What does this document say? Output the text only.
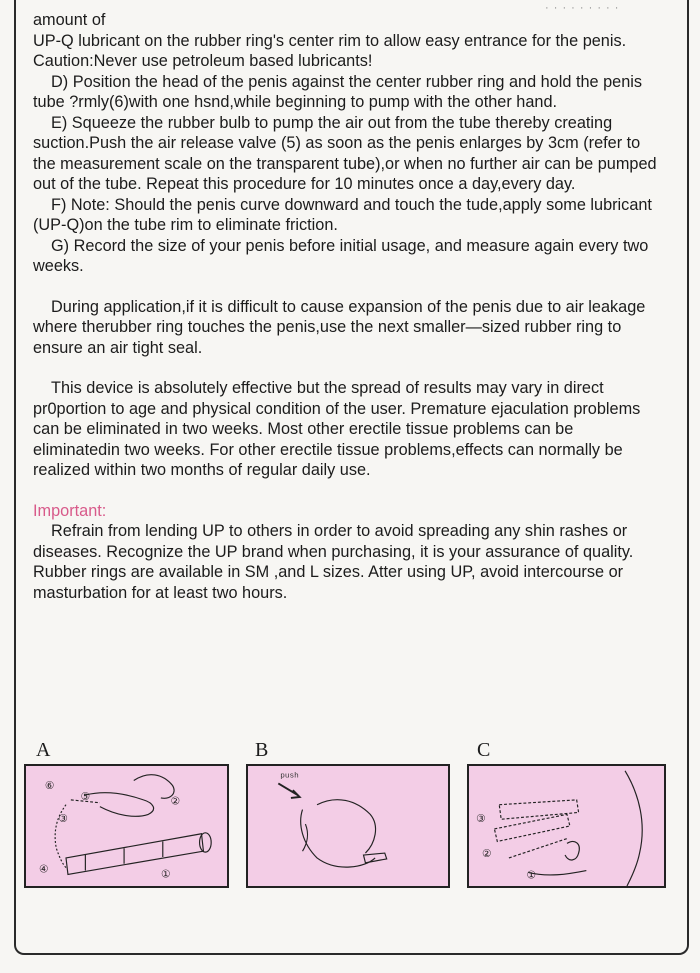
· · · · · · · · ·

amount of

UP-Q lubricant on the rubber ring's center rim to allow easy entrance for the penis.

Caution:Never use petroleum based lubricants!

D) Position the head of the penis against the center rubber ring and hold the penis tube ?rmly(6)with one hsnd,while beginning to pump with the other hand.

E) Squeeze the rubber bulb to pump the air out from the tube thereby creating suction.Push the air release valve (5) as soon as the penis enlarges by 3cm (refer to the measurement scale on the transparent tube),or when no further air can be pumped out of the tube. Repeat this procedure for 10 minutes once a day,every day.

F) Note: Should the penis curve downward and touch the tude,apply some lubricant

(UP-Q)on the tube rim to eliminate friction.

G) Record the size of your penis before initial usage, and measure again every two

weeks.

During application,if it is difficult to cause expansion of the penis due to air leakage where therubber ring touches the penis,use the next smaller—sized rubber ring to ensure an air tight seal.

This device is absolutely effective but the spread of results may vary in direct pr0portion to age and physical condition of the user. Premature ejaculation problems can be eliminated in two weeks. Most other erectile tissue problems can be eliminatedin two weeks. For other erectile tissue problems,effects can normally be realized within two months of regular daily use.

Important:

Refrain from lending UP to others in order to avoid spreading any shin rashes or diseases. Recognize the UP brand when purchasing, it is your assurance of quality. Rubber rings are available in SM ,and L sizes. Atter using UP, avoid intercourse or masturbation for at least two hours.

A
⑥
⑤
③
②
④	①
B
push
C
③
②
①
